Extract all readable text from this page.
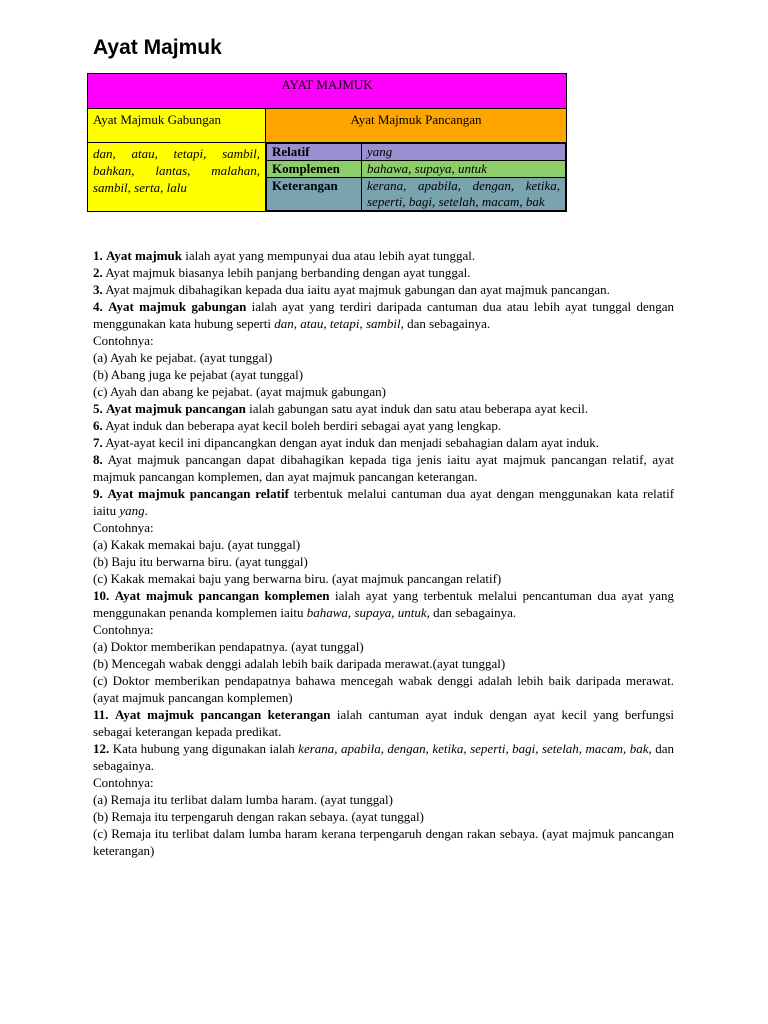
Ayat Majmuk
AYAT MAJMUK
Ayat Majmuk Gabungan	Ayat Majmuk Pancangan
dan, atau, tetapi, sambil, bahkan, lantas, malahan, sambil, serta, lalu	
Relatif	yang
Komplemen	bahawa, supaya, untuk
Keterangan	kerana, apabila, dengan, ketika, seperti, bagi, setelah, macam, bak

1. Ayat majmuk ialah ayat yang mempunyai dua atau lebih ayat tunggal.

2. Ayat majmuk biasanya lebih panjang berbanding dengan ayat tunggal.

3. Ayat majmuk dibahagikan kepada dua iaitu ayat majmuk gabungan dan ayat majmuk pancangan.

4. Ayat majmuk gabungan ialah ayat yang terdiri daripada cantuman dua atau lebih ayat tunggal dengan menggunakan kata hubung seperti dan, atau, tetapi, sambil, dan sebagainya.

Contohnya:

(a) Ayah ke pejabat. (ayat tunggal)

(b) Abang juga ke pejabat (ayat tunggal)

(c) Ayah dan abang ke pejabat. (ayat majmuk gabungan)

5. Ayat majmuk pancangan ialah gabungan satu ayat induk dan satu atau beberapa ayat kecil.

6. Ayat induk dan beberapa ayat kecil boleh berdiri sebagai ayat yang lengkap.

7. Ayat-ayat kecil ini dipancangkan dengan ayat induk dan menjadi sebahagian dalam ayat induk.

8. Ayat majmuk pancangan dapat dibahagikan kepada tiga jenis iaitu ayat majmuk pancangan relatif, ayat majmuk pancangan komplemen, dan ayat majmuk pancangan keterangan.

9. Ayat majmuk pancangan relatif terbentuk melalui cantuman dua ayat dengan menggunakan kata relatif iaitu yang.

Contohnya:

(a) Kakak memakai baju. (ayat tunggal)

(b) Baju itu berwarna biru. (ayat tunggal)

(c) Kakak memakai baju yang berwarna biru. (ayat majmuk pancangan relatif)

10. Ayat majmuk pancangan komplemen ialah ayat yang terbentuk melalui pencantuman dua ayat yang menggunakan penanda komplemen iaitu bahawa, supaya, untuk, dan sebagainya.

Contohnya:

(a) Doktor memberikan pendapatnya. (ayat tunggal)

(b) Mencegah wabak denggi adalah lebih baik daripada merawat.(ayat tunggal)

(c) Doktor memberikan pendapatnya bahawa mencegah wabak denggi adalah lebih baik daripada merawat. (ayat majmuk pancangan komplemen)

11. Ayat majmuk pancangan keterangan ialah cantuman ayat induk dengan ayat kecil yang berfungsi sebagai keterangan kepada predikat.

12. Kata hubung yang digunakan ialah kerana, apabila, dengan, ketika, seperti, bagi, setelah, macam, bak, dan sebagainya.

Contohnya:

(a) Remaja itu terlibat dalam lumba haram. (ayat tunggal)

(b) Remaja itu terpengaruh dengan rakan sebaya. (ayat tunggal)

(c) Remaja itu terlibat dalam lumba haram kerana terpengaruh dengan rakan sebaya. (ayat majmuk pancangan keterangan)
